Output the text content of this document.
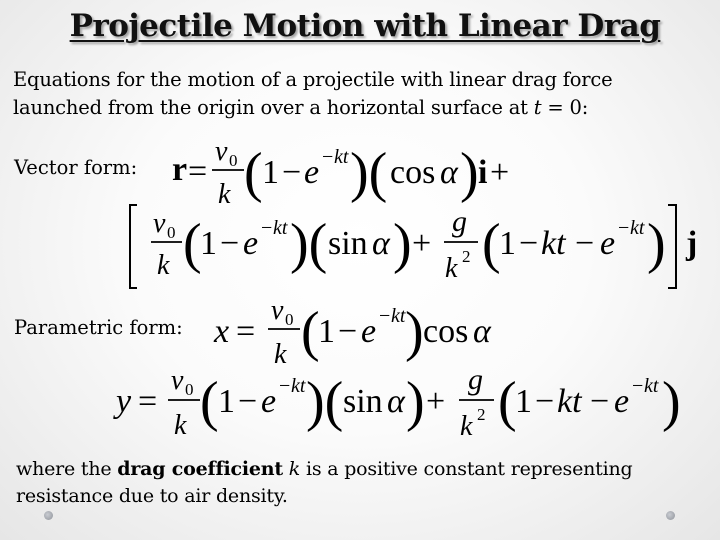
Projectile Motion with Linear Drag
Equations for the motion of a projectile with linear drag force
launched from the origin over a horizontal surface at t = 0:
Vector form:
Parametric form:
r =
v 0
k ( 1 − e − kt )( cos α ) i +
v 0
k (
1 − e − kt )( sin α ) +
g
k 2 (
1 − kt − e − kt ) j
x =
v 0
k (
1 − e − kt ) cos α
y =
v 0
k ( 1 − e − kt )( sin α ) +
g
k 2 (
1 − kt − e − kt )
where the drag coefficient k is a positive constant representing
resistance due to air density.
